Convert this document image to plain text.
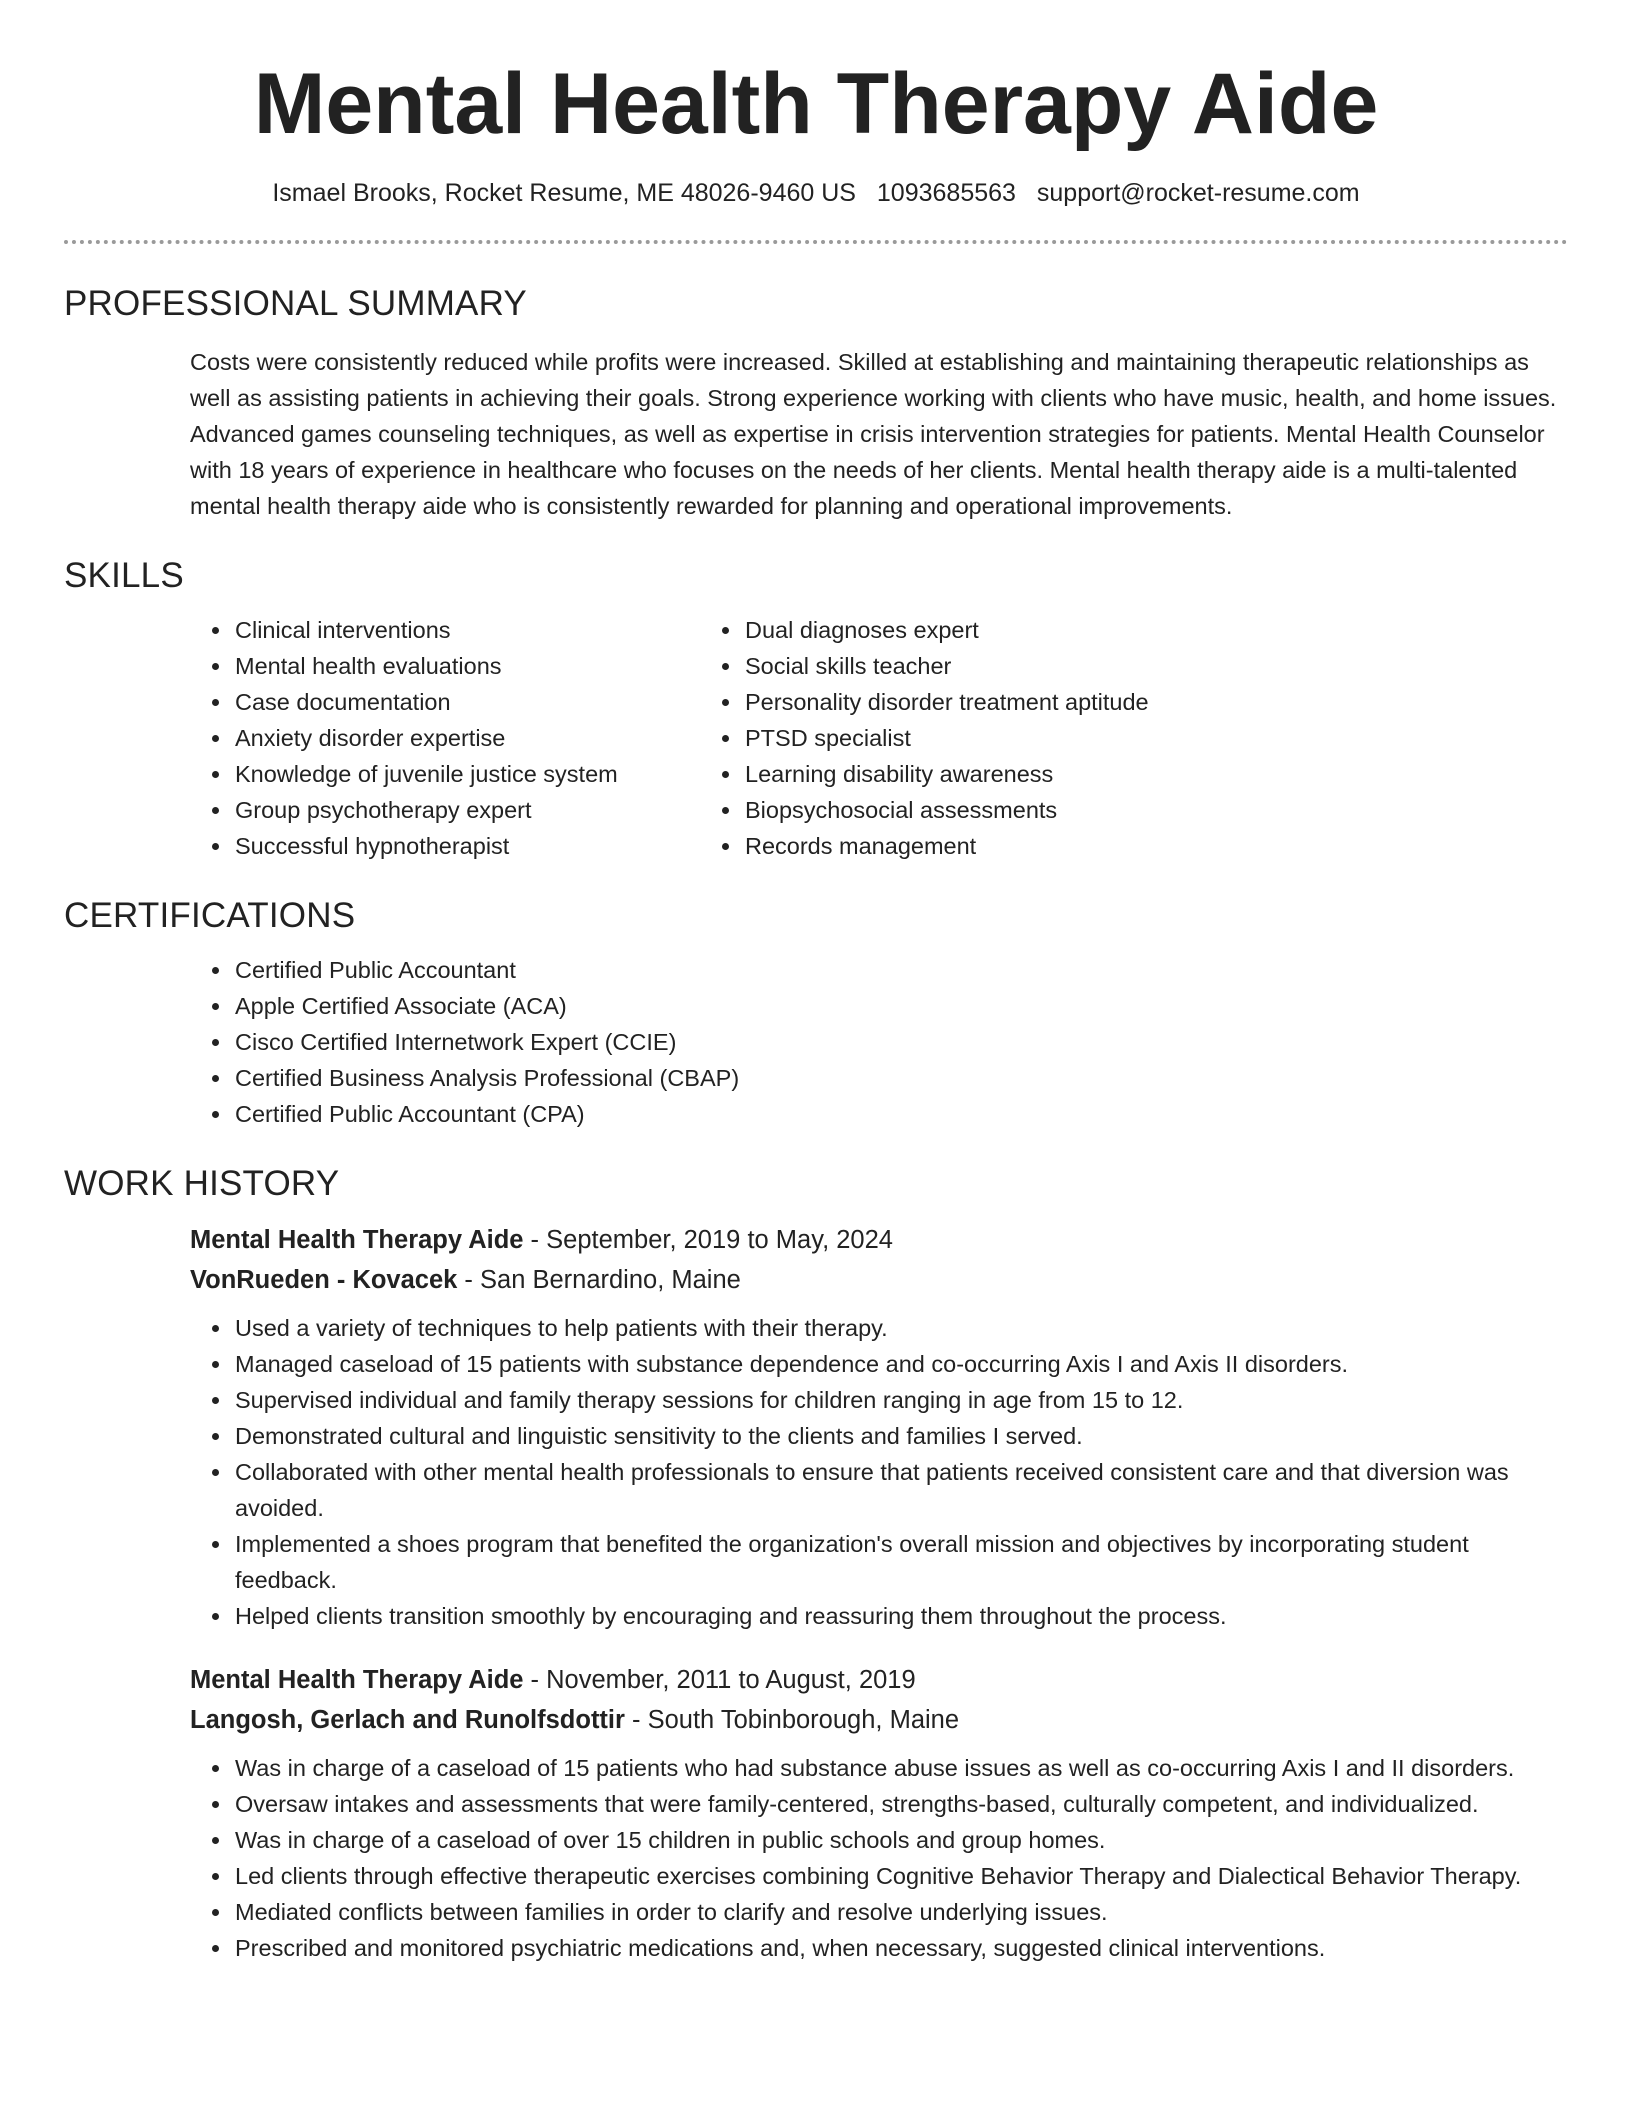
Mental Health Therapy Aide
Ismael Brooks, Rocket Resume, ME 48026-9460 US 1093685563 support@rocket-resume.com
PROFESSIONAL SUMMARY

Costs were consistently reduced while profits were increased. Skilled at establishing and maintaining therapeutic relationships as well as assisting patients in achieving their goals. Strong experience working with clients who have music, health, and home issues. Advanced games counseling techniques, as well as expertise in crisis intervention strategies for patients. Mental Health Counselor with 18 years of experience in healthcare who focuses on the needs of her clients. Mental health therapy aide is a multi-talented mental health therapy aide who is consistently rewarded for planning and operational improvements.

SKILLS
• Clinical interventions
• Mental health evaluations
• Case documentation
• Anxiety disorder expertise
• Knowledge of juvenile justice system
• Group psychotherapy expert
• Successful hypnotherapist
• Dual diagnoses expert
• Social skills teacher
• Personality disorder treatment aptitude
• PTSD specialist
• Learning disability awareness
• Biopsychosocial assessments
• Records management
CERTIFICATIONS
• Certified Public Accountant
• Apple Certified Associate (ACA)
• Cisco Certified Internetwork Expert (CCIE)
• Certified Business Analysis Professional (CBAP)
• Certified Public Accountant (CPA)
WORK HISTORY
Mental Health Therapy Aide - September, 2019 to May, 2024
VonRueden - Kovacek - San Bernardino, Maine
• Used a variety of techniques to help patients with their therapy.
• Managed caseload of 15 patients with substance dependence and co-occurring Axis I and Axis II disorders.
• Supervised individual and family therapy sessions for children ranging in age from 15 to 12.
• Demonstrated cultural and linguistic sensitivity to the clients and families I served.
• Collaborated with other mental health professionals to ensure that patients received consistent care and that diversion was avoided.
• Implemented a shoes program that benefited the organization's overall mission and objectives by incorporating student feedback.
• Helped clients transition smoothly by encouraging and reassuring them throughout the process.
Mental Health Therapy Aide - November, 2011 to August, 2019
Langosh, Gerlach and Runolfsdottir - South Tobinborough, Maine
• Was in charge of a caseload of 15 patients who had substance abuse issues as well as co-occurring Axis I and II disorders.
• Oversaw intakes and assessments that were family-centered, strengths-based, culturally competent, and individualized.
• Was in charge of a caseload of over 15 children in public schools and group homes.
• Led clients through effective therapeutic exercises combining Cognitive Behavior Therapy and Dialectical Behavior Therapy.
• Mediated conflicts between families in order to clarify and resolve underlying issues.
• Prescribed and monitored psychiatric medications and, when necessary, suggested clinical interventions.
